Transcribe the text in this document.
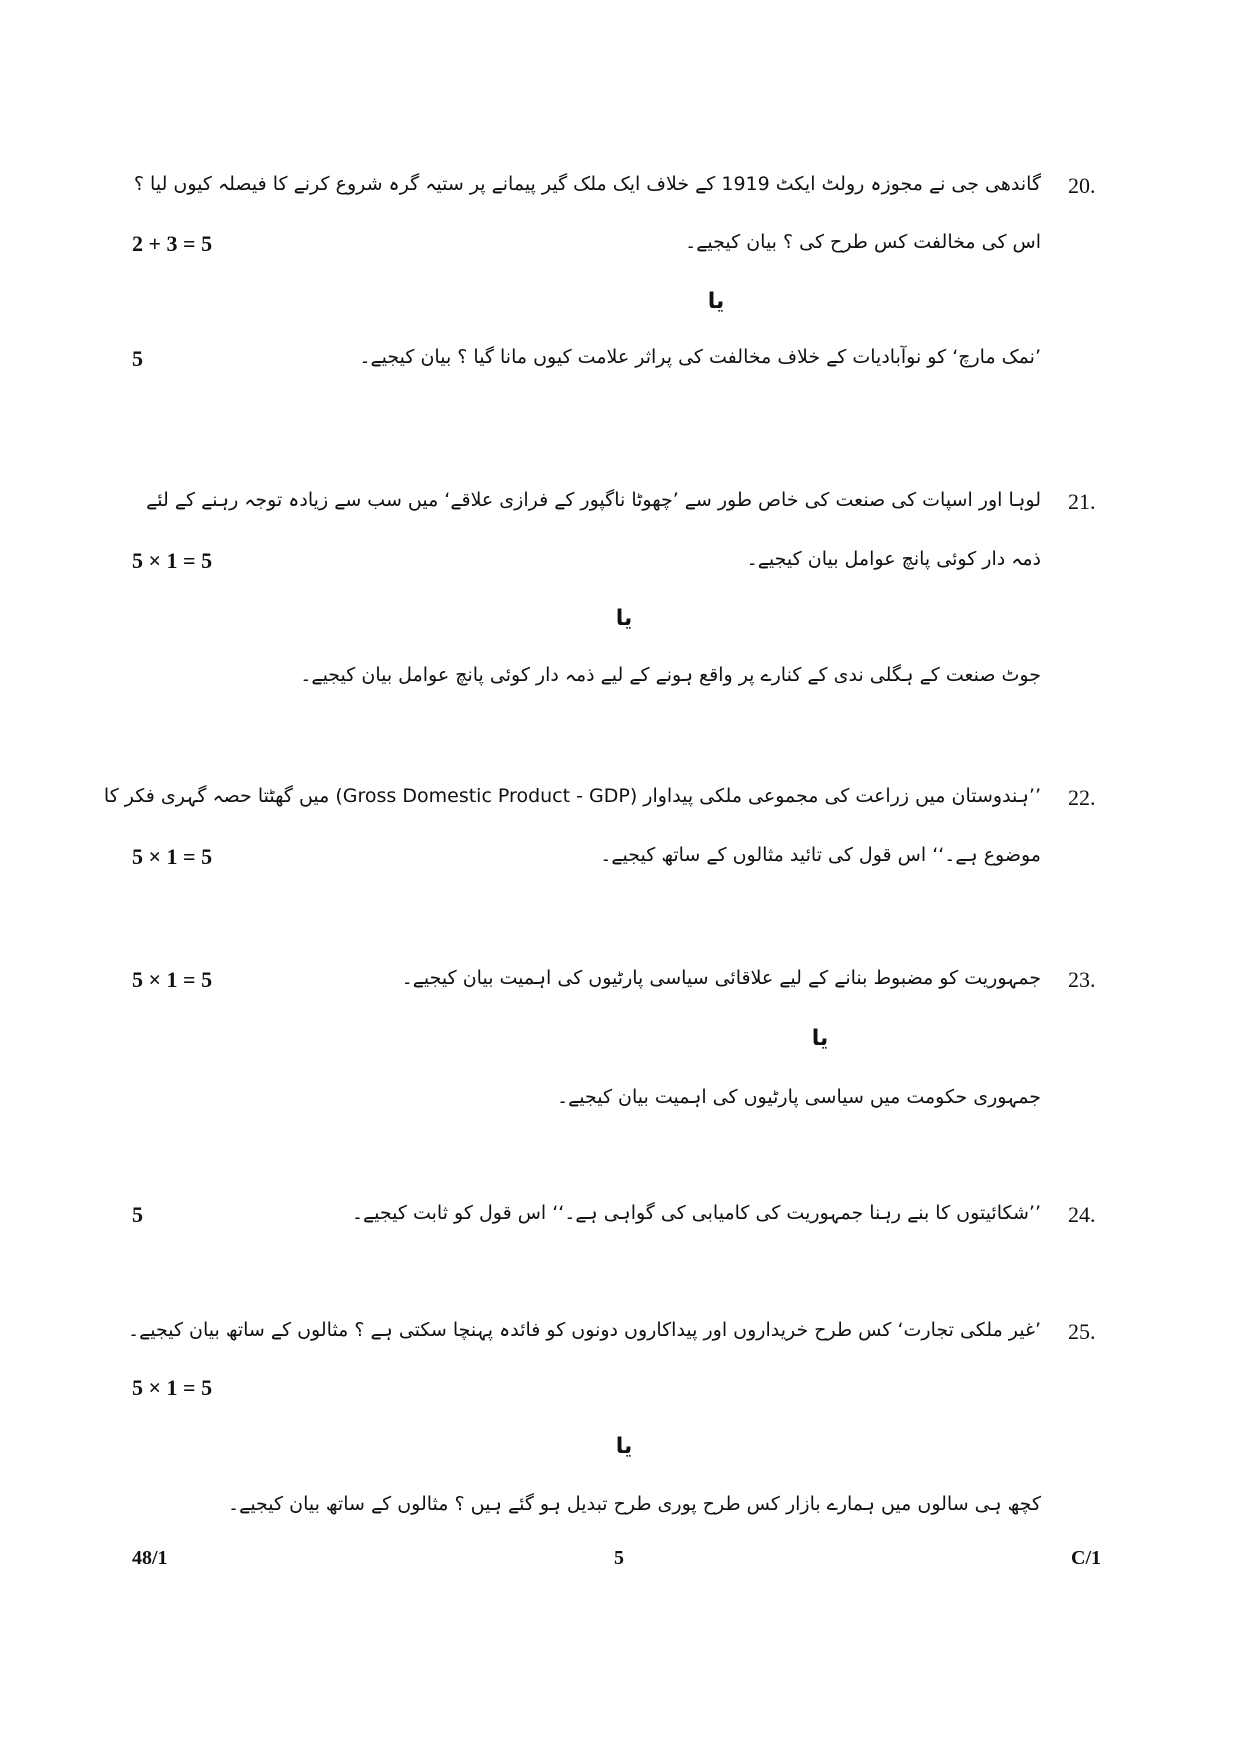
20.
گاندھی جی نے مجوزہ رولٹ ایکٹ 1919 کے خلاف ایک ملک گیر پیمانے پر ستیہ گرہ شروع کرنے کا فیصلہ کیوں لیا ؟
اس کی مخالفت کس طرح کی ؟ بیان کیجیے۔
2 + 3 = 5
یا
’نمک مارچ‘ کو نوآبادیات کے خلاف مخالفت کی پراثر علامت کیوں مانا گیا ؟ بیان کیجیے۔
5
21.
لوہا اور اسپات کی صنعت کی خاص طور سے ’چھوٹا ناگپور کے فرازی علاقے‘ میں سب سے زیادہ توجہ رہنے کے لئے
ذمہ دار کوئی پانچ عوامل بیان کیجیے۔
5 × 1 = 5
یا
جوٹ صنعت کے ہگلی ندی کے کنارے پر واقع ہونے کے لیے ذمہ دار کوئی پانچ عوامل بیان کیجیے۔
22.
’’ہندوستان میں زراعت کی مجموعی ملکی پیداوار (Gross Domestic Product - GDP) میں گھٹتا حصہ گہری فکر کا
موضوع ہے۔‘‘ اس قول کی تائید مثالوں کے ساتھ کیجیے۔
5 × 1 = 5
23.
جمہوریت کو مضبوط بنانے کے لیے علاقائی سیاسی پارٹیوں کی اہمیت بیان کیجیے۔
5 × 1 = 5
یا
جمہوری حکومت میں سیاسی پارٹیوں کی اہمیت بیان کیجیے۔
24.
’’شکائیتوں کا بنے رہنا جمہوریت کی کامیابی کی گواہی ہے۔‘‘ اس قول کو ثابت کیجیے۔
5
25.
’غیر ملکی تجارت‘ کس طرح خریداروں اور پیداکاروں دونوں کو فائدہ پہنچا سکتی ہے ؟ مثالوں کے ساتھ بیان کیجیے۔
5 × 1 = 5
یا
کچھ ہی سالوں میں ہمارے بازار کس طرح پوری طرح تبدیل ہو گئے ہیں ؟ مثالوں کے ساتھ بیان کیجیے۔
48/1	5	C/1
